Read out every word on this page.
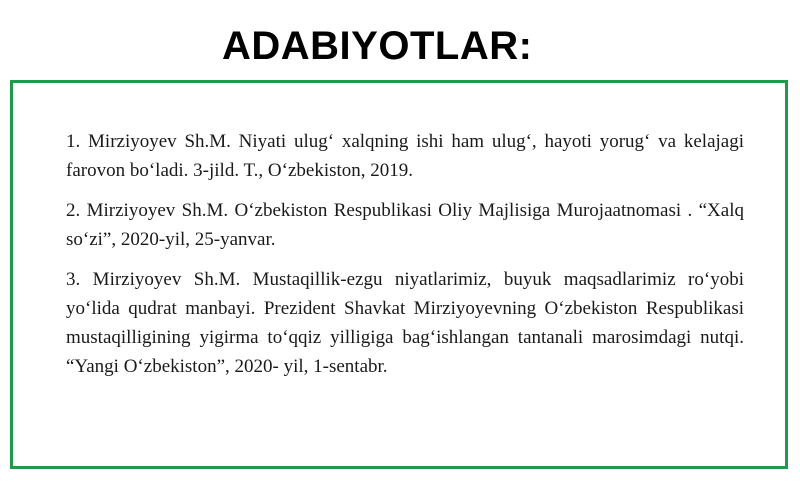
ADABIYOTLAR:

1. Mirziyoyev Sh.M. Niyati ulug‘ xalqning ishi ham ulug‘, hayoti yorug‘ va kelajagi farovon bo‘ladi. 3-jild. T., O‘zbekiston, 2019.

2. Mirziyoyev Sh.M. O‘zbekiston Respublikasi Oliy Majlisiga Murojaatnomasi . “Xalq so‘zi”, 2020-yil, 25-yanvar.

3. Mirziyoyev Sh.M. Mustaqillik-ezgu niyatlarimiz, buyuk maqsadlarimiz ro‘yobi yo‘lida qudrat manbayi. Prezident Shavkat Mirziyoyevning O‘zbekiston Respublikasi mustaqilligining yigirma to‘qqiz yilligiga bag‘ishlangan tantanali marosimdagi nutqi. “Yangi O‘zbekiston”, 2020- yil, 1-sentabr.
